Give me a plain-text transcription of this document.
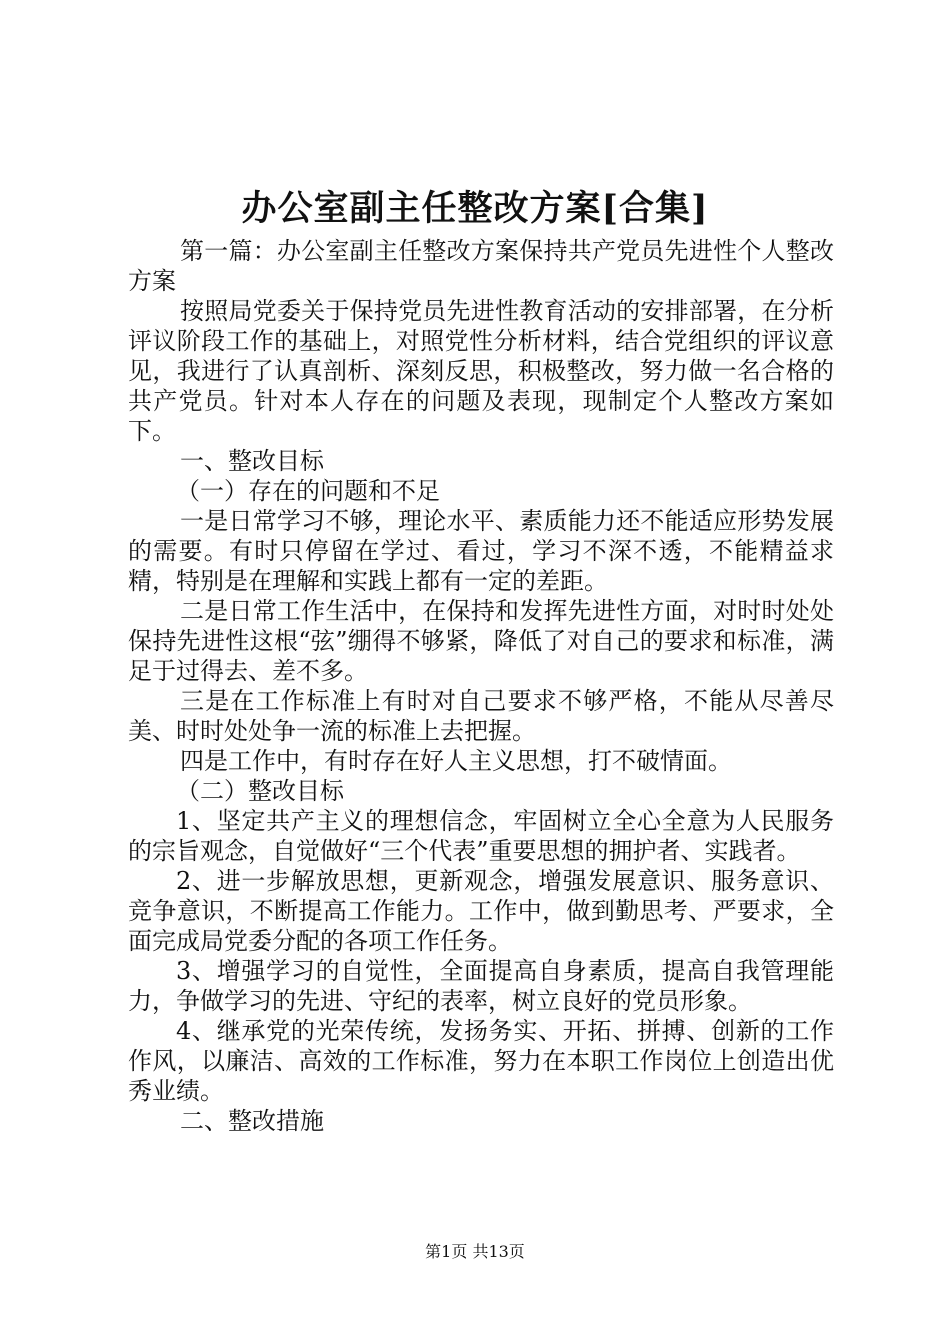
办公室副主任整改方案[合集]

第一篇：办公室副主任整改方案保持共产党员先进性个人整改方案

按照局党委关于保持党员先进性教育活动的安排部署，在分析评议阶段工作的基础上，对照党性分析材料，结合党组织的评议意见，我进行了认真剖析、深刻反思，积极整改，努力做一名合格的共产党员。针对本人存在的问题及表现，现制定个人整改方案如下。

一、整改目标

（一）存在的问题和不足

一是日常学习不够，理论水平、素质能力还不能适应形势发展的需要。有时只停留在学过、看过，学习不深不透，不能精益求精，特别是在理解和实践上都有一定的差距。

二是日常工作生活中，在保持和发挥先进性方面，对时时处处保持先进性这根“弦”绷得不够紧，降低了对自己的要求和标准，满足于过得去、差不多。

三是在工作标准上有时对自己要求不够严格，不能从尽善尽美、时时处处争一流的标准上去把握。

四是工作中，有时存在好人主义思想，打不破情面。

（二）整改目标

1、坚定共产主义的理想信念，牢固树立全心全意为人民服务的宗旨观念，自觉做好“三个代表”重要思想的拥护者、实践者。

2、进一步解放思想，更新观念，增强发展意识、服务意识、竞争意识，不断提高工作能力。工作中，做到勤思考、严要求，全面完成局党委分配的各项工作任务。

3、增强学习的自觉性，全面提高自身素质，提高自我管理能力，争做学习的先进、守纪的表率，树立良好的党员形象。

4、继承党的光荣传统，发扬务实、开拓、拼搏、创新的工作作风，以廉洁、高效的工作标准，努力在本职工作岗位上创造出优秀业绩。

二、整改措施

第1页 共13页
